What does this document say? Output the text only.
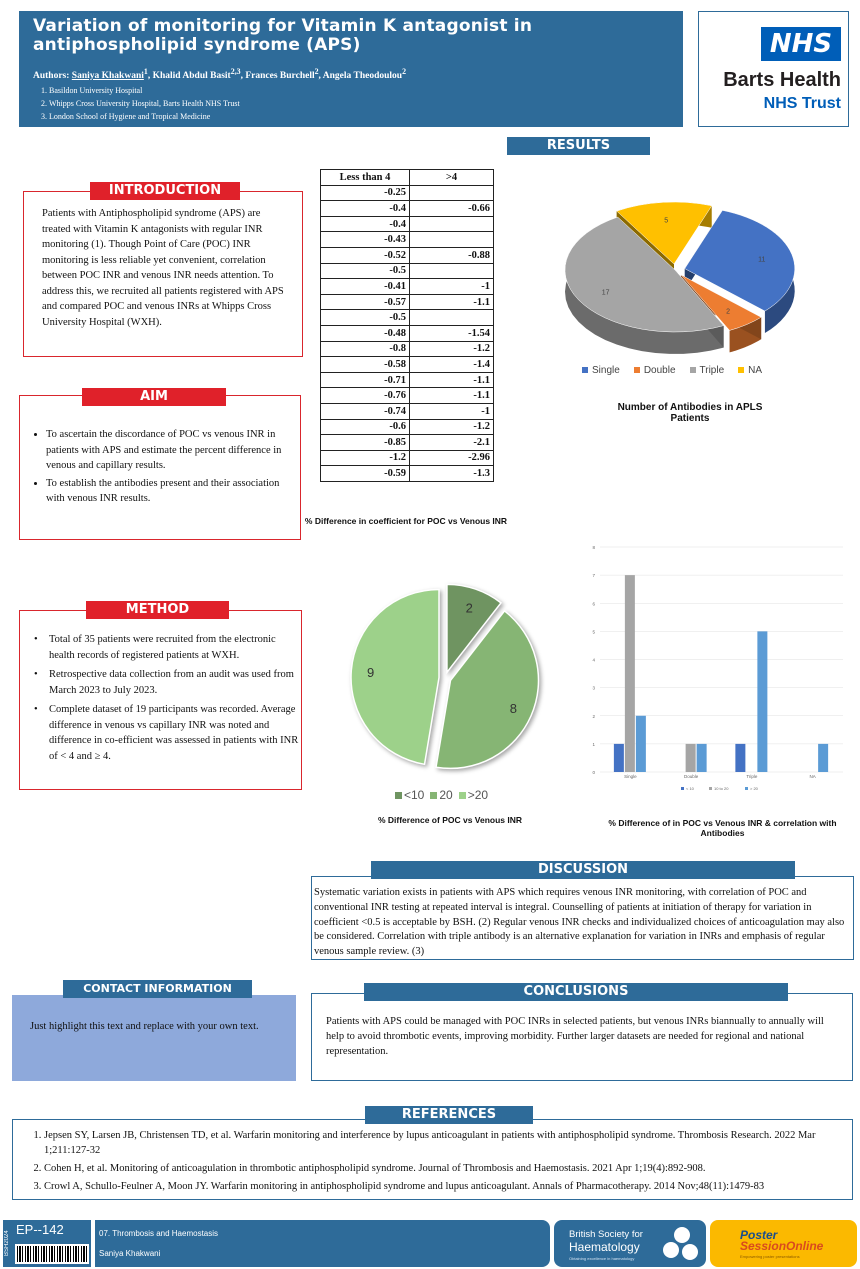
Variation of monitoring for Vitamin K antagonist in antiphospholipid syndrome (APS)
Authors: Saniya Khakwani$^1$, Khalid Abdul Basit$^{2,3}$, Frances Burchell$^2$, Angela Theodoulou$^2$
1. Basildon University Hospital
2. Whipps Cross University Hospital, Barts Health NHS Trust
3. London School of Hygiene and Tropical Medicine
NHS
Barts Health
NHS Trust
Patients with Antiphospholipid syndrome (APS) are treated with Vitamin K antagonists with regular INR monitoring (1). Though Point of Care (POC) INR monitoring is less reliable yet convenient, correlation between POC INR and venous INR needs attention. To address this, we recruited all patients registered with APS and compared POC and venous INRs at Whipps Cross University Hospital (WXH).
INTRODUCTION
• To ascertain the discordance of POC vs venous INR in patients with APS and estimate the percent difference in venous and capillary results.
• To establish the antibodies present and their association with venous INR results.
AIM
• Total of 35 patients were recruited from the electronic health records of registered patients at WXH.
• Retrospective data collection from an audit was used from March 2023 to July 2023.
• Complete dataset of 19 participants was recorded. Average difference in venous vs capillary INR was noted and difference in co-efficient was assessed in patients with INR of < 4 and ≥ 4.
METHOD
RESULTS
Less than 4	>4
-0.25	
-0.4	-0.66
-0.4	
-0.43	
-0.52	-0.88
-0.5	
-0.41	-1
-0.57	-1.1
-0.5	
-0.48	-1.54
-0.8	-1.2
-0.58	-1.4
-0.71	-1.1
-0.76	-1.1
-0.74	-1
-0.6	-1.2
-0.85	-2.1
-1.2	-2.96
-0.59	-1.3
% Difference in coefficient for POC vs Venous INR
11
2
17
5
Single	Double	Triple	NA
Number of Antibodies in APLS Patients
2
8
9
<10	20	>20
% Difference of POC vs Venous INR
0
1
2
3
4
5
6
7
8
Single	Double	Triple	NA
< 10	10 to 20	> 20
% Difference of in POC vs Venous INR & correlation with Antibodies
Systematic variation exists in patients with APS which requires venous INR monitoring, with correlation of POC and conventional INR testing at repeated interval is integral. Counselling of patients at initiation of therapy for variation in coefficient <0.5 is acceptable by BSH. (2) Regular venous INR checks and individualized choices of anticoagulation may also be considered. Correlation with triple antibody is an alternative explanation for variation in INRs and emphasis of regular venous sample review. (3)
DISCUSSION
Just highlight this text and replace with your own text.
CONTACT INFORMATION
Patients with APS could be managed with POC INRs in selected patients, but venous INRs biannually to annually will help to avoid thrombotic events, improving morbidity. Further larger datasets are needed for regional and national representation.
CONCLUSIONS
1. Jepsen SY, Larsen JB, Christensen TD, et al. Warfarin monitoring and interference by lupus anticoagulant in patients with antiphospholipid syndrome. Thrombosis Research. 2022 Mar 1;211:127-32
2. Cohen H, et al. Monitoring of anticoagulation in thrombotic antiphospholipid syndrome. Journal of Thrombosis and Haemostasis. 2021 Apr 1;19(4):892-908.
3. Crowl A, Schullo-Feulner A, Moon JY. Warfarin monitoring in antiphospholipid syndrome and lupus anticoagulant. Annals of Pharmacotherapy. 2014 Nov;48(11):1479-83
REFERENCES
BSH2024
EP--142	07. Thrombosis and Haemostasis
Saniya Khakwani
British Society for
Haematology
Obtaining excellence in haematology
Poster
SessionOnline
Empowering poster presentations
